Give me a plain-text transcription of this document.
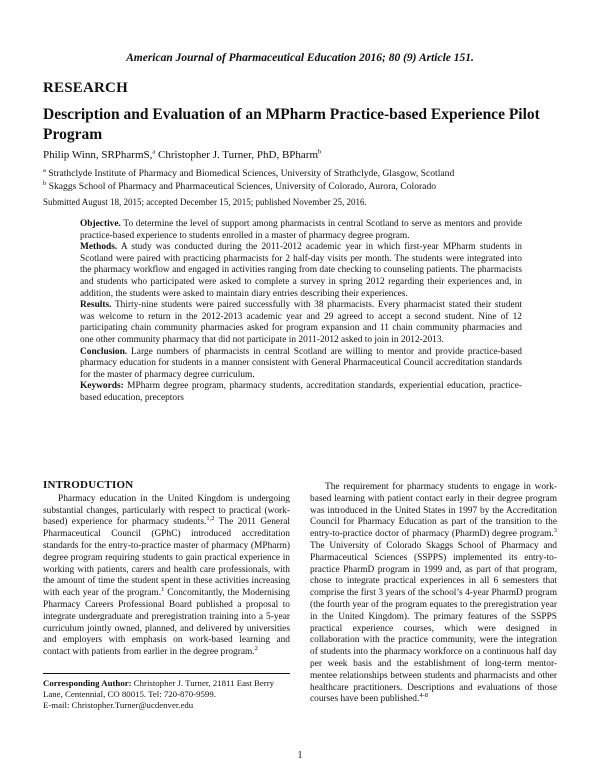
American Journal of Pharmaceutical Education 2016; 80 (9) Article 151.
RESEARCH
Description and Evaluation of an MPharm Practice-based Experience Pilot Program
Philip Winn, SRPharmS,$^a$ Christopher J. Turner, PhD, BPharm$^b$
$^a$ Strathclyde Institute of Pharmacy and Biomedical Sciences, University of Strathclyde, Glasgow, Scotland
$^b$ Skaggs School of Pharmacy and Pharmaceutical Sciences, University of Colorado, Aurora, Colorado
Submitted August 18, 2015; accepted December 15, 2015; published November 25, 2016.

Objective. To determine the level of support among pharmacists in central Scotland to serve as mentors and provide practice-based experience to students enrolled in a master of pharmacy degree program.

Methods. A study was conducted during the 2011-2012 academic year in which first-year MPharm students in Scotland were paired with practicing pharmacists for 2 half-day visits per month. The students were integrated into the pharmacy workflow and engaged in activities ranging from date checking to counseling patients. The pharmacists and students who participated were asked to complete a survey in spring 2012 regarding their experiences and, in addition, the students were asked to maintain diary entries describing their experiences.

Results. Thirty-nine students were paired successfully with 38 pharmacists. Every pharmacist stated their student was welcome to return in the 2012-2013 academic year and 29 agreed to accept a second student. Nine of 12 participating chain community pharmacies asked for program expansion and 11 chain community pharmacies and one other community pharmacy that did not participate in 2011-2012 asked to join in 2012-2013.

Conclusion. Large numbers of pharmacists in central Scotland are willing to mentor and provide practice-based pharmacy education for students in a manner consistent with General Pharmaceutical Council accreditation standards for the master of pharmacy degree curriculum.

Keywords: MPharm degree program, pharmacy students, accreditation standards, experiential education, practice-based education, preceptors

INTRODUCTION

Pharmacy education in the United Kingdom is undergoing substantial changes, particularly with respect to practical (work-based) experience for pharmacy students.$^{1,2}$ The 2011 General Pharmaceutical Council (GPhC) introduced accreditation standards for the entry-to-practice master of pharmacy (MPharm) degree program requiring students to gain practical experience in working with patients, carers and health care professionals, with the amount of time the student spent in these activities increasing with each year of the program.$^1$ Concomitantly, the Modernising Pharmacy Careers Professional Board published a proposal to integrate undergraduate and preregistration training into a 5-year curriculum jointly owned, planned, and delivered by universities and employers with emphasis on work-based learning and contact with patients from earlier in the degree program.$^2$

Corresponding Author: Christopher J. Turner, 21811 East Berry Lane, Centennial, CO 80015. Tel: 720-870-9599.
E-mail: Christopher.Turner@ucdenver.edu

The requirement for pharmacy students to engage in work-based learning with patient contact early in their degree program was introduced in the United States in 1997 by the Accreditation Council for Pharmacy Education as part of the transition to the entry-to-practice doctor of pharmacy (PharmD) degree program.$^3$ The University of Colorado Skaggs School of Pharmacy and Pharmaceutical Sciences (SSPPS) implemented its entry-to-practice PharmD program in 1999 and, as part of that program, chose to integrate practical experiences in all 6 semesters that comprise the first 3 years of the school’s 4-year PharmD program (the fourth year of the program equates to the preregistration year in the United Kingdom). The primary features of the SSPPS practical experience courses, which were designed in collaboration with the practice community, were the integration of students into the pharmacy workforce on a continuous half day per week basis and the establishment of long-term mentor-mentee relationships between students and pharmacists and other healthcare practitioners. Descriptions and evaluations of those courses have been published.$^{4-8}$

1
